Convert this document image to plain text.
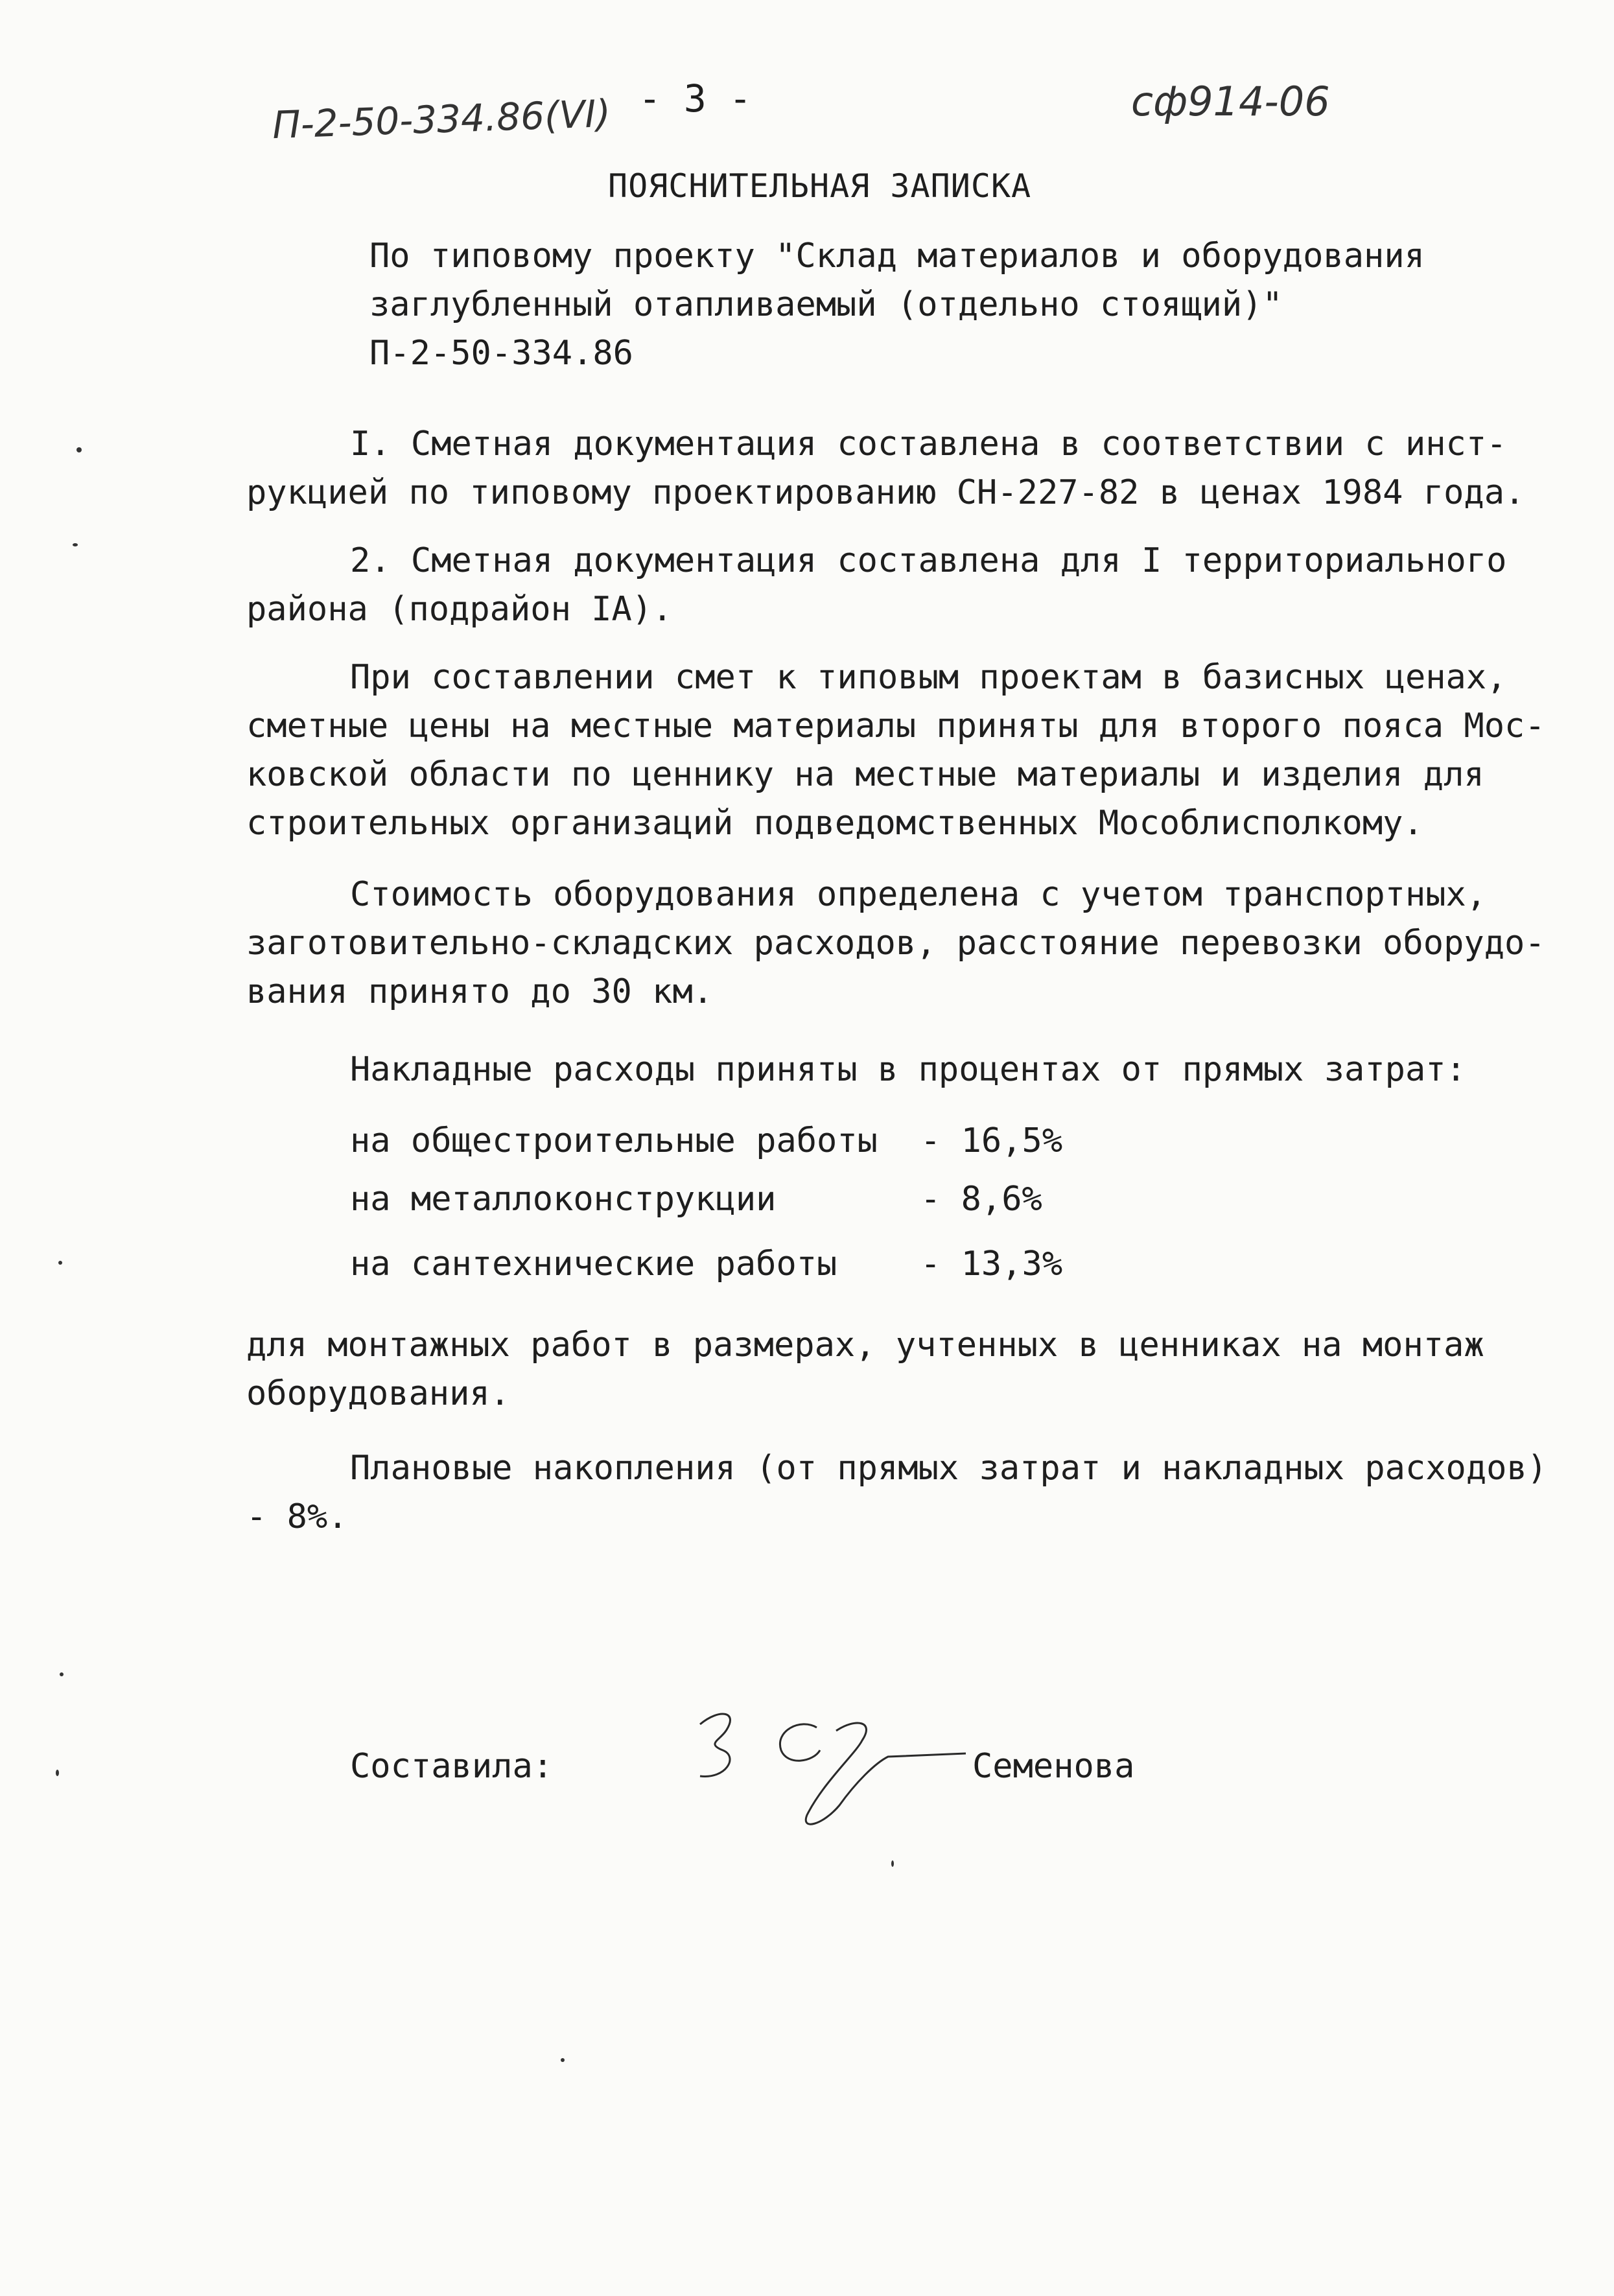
П-2-50-334.86(VI) - 3 -	сф914-06
ПОЯСНИТЕЛЬНАЯ ЗАПИСКА
По типовому проекту "Склад материалов и оборудования
заглубленный отапливаемый (отдельно стоящий)"
П-2-50-334.86
I. Сметная документация составлена в соответствии с инст-
рукцией по типовому проектированию СН-227-82 в ценах 1984 года.
2. Сметная документация составлена для I территориального
района (подрайон IA).
При составлении смет к типовым проектам в базисных ценах,
сметные цены на местные материалы приняты для второго пояса Мос-
ковской области по ценнику на местные материалы и изделия для
строительных организаций подведомственных Мособлисполкому.
Стоимость оборудования определена с учетом транспортных,
заготовительно-складских расходов, расстояние перевозки оборудо-
вания принято до 30 км.
Накладные расходы приняты в процентах от прямых затрат:
на общестроительные работы - 16,5%
на металлоконструкции	- 8,6%
на сантехнические работы - 13,3%
для монтажных работ в размерах, учтенных в ценниках на монтаж
оборудования.
Плановые накопления (от прямых затрат и накладных расходов)
- 8%.
Составила:	Семенова
